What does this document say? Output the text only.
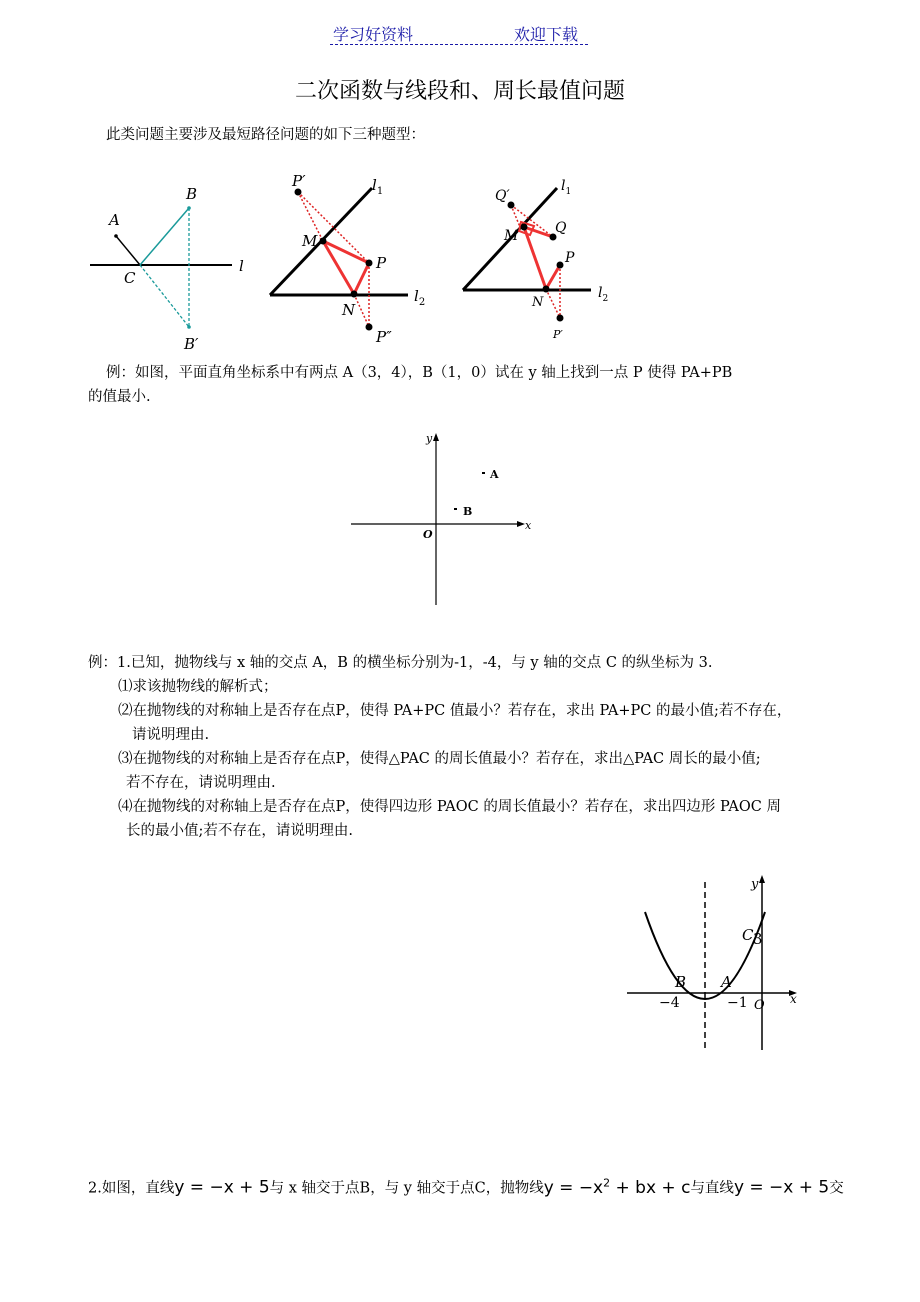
学习好资料	欢迎下载
二次函数与线段和、周长最值问题
此类问题主要涉及最短路径问题的如下三种题型：
A
B
C
B′
l
P′	$l_1$
M
P
N
P″
$l_2$
Q′
$l_1$
M	Q
P
N
P′
$l_2$
例：如图，平面直角坐标系中有两点 A（3，4），B（1，0）试在 y 轴上找到一点 P 使得 PA+PB
的值最小.
y
x
O
A
B
例：1.已知，抛物线与 x 轴的交点 A，B 的横坐标分别为-1，-4，与 y 轴的交点 C 的纵坐标为 3.
⑴求该抛物线的解析式；
⑵在抛物线的对称轴上是否存在点P，使得 PA+PC 值最小？若存在，求出 PA+PC 的最小值;若不存在，
请说明理由.
⑶在抛物线的对称轴上是否存在点P，使得△PAC 的周长值最小？若存在，求出△PAC 周长的最小值;
若不存在，请说明理由.
⑷在抛物线的对称轴上是否存在点P，使得四边形 PAOC 的周长值最小？若存在，求出四边形 PAOC 周
长的最小值;若不存在，请说明理由.
y
x
C 3
B A
−4	−1 O
2.如图，直线y = −x + 5与 x 轴交于点B，与 y 轴交于点C，抛物线$y = -x^2$ + bx + c与直线y = −x + 5交
